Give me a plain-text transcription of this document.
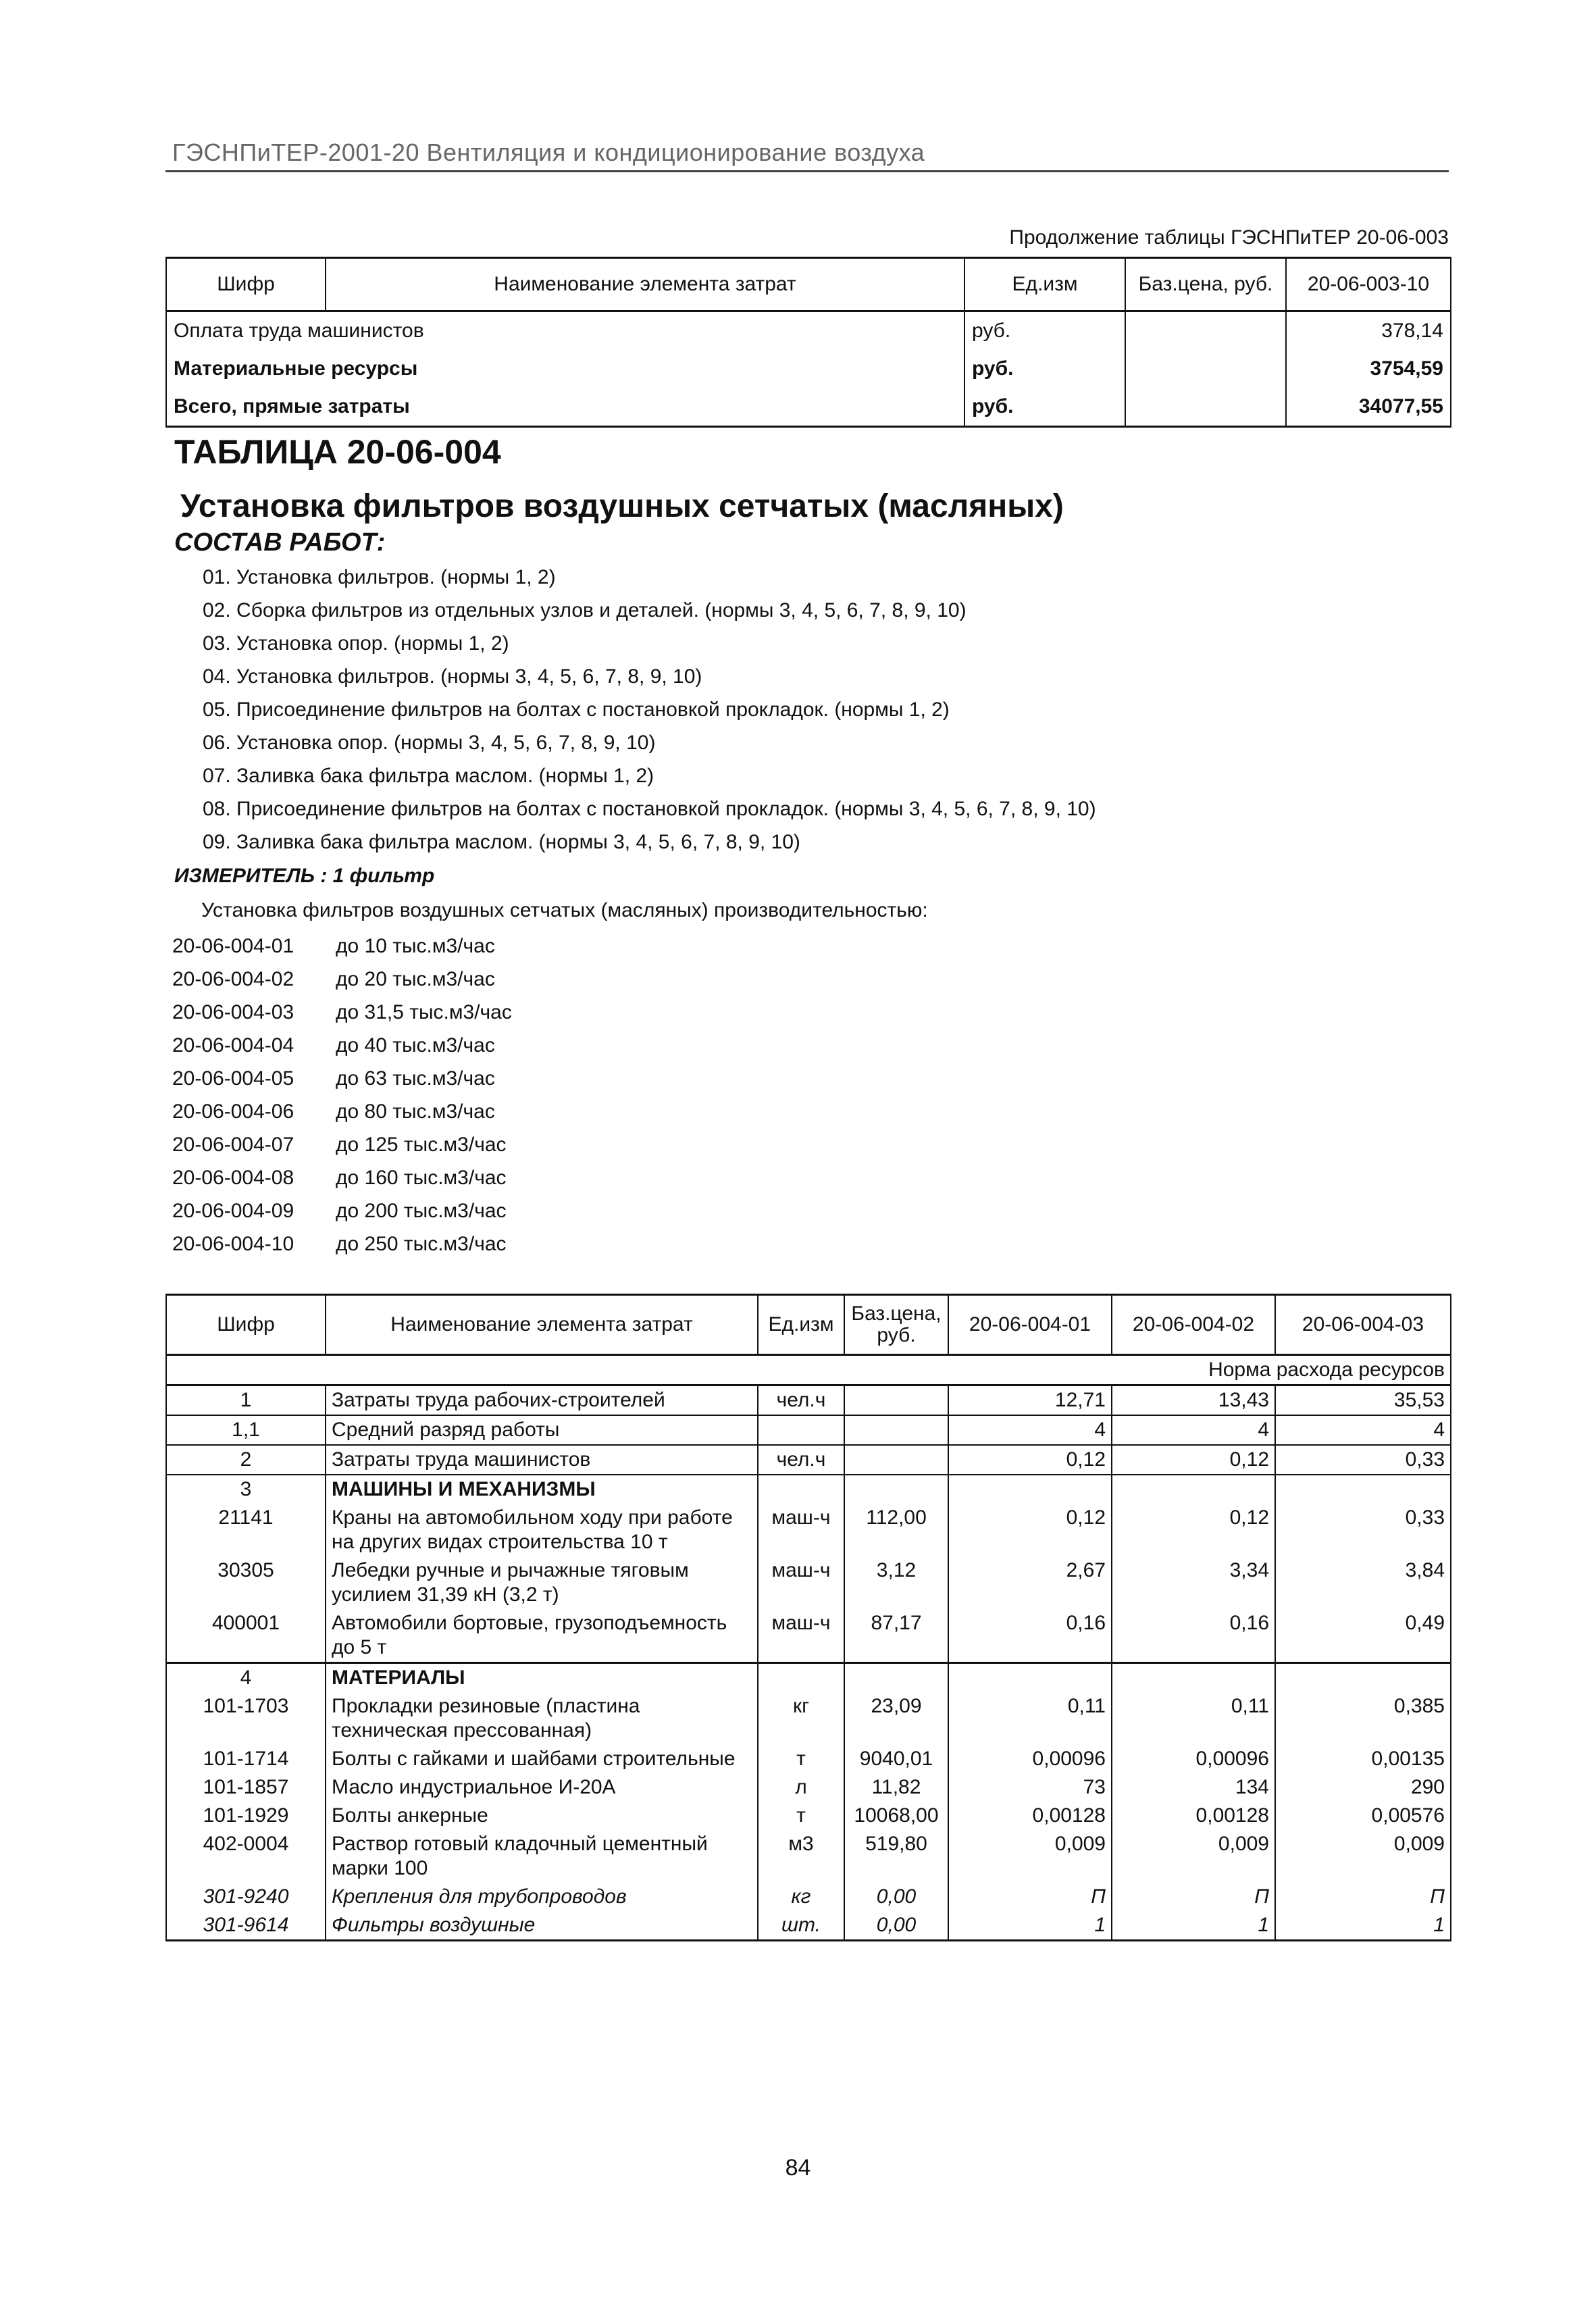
ГЭСНПиТЕР-2001-20 Вентиляция и кондиционирование воздуха
Продолжение таблицы ГЭСНПиТЕР 20-06-003
Шифр	Наименование элемента затрат	Ед.изм	Баз.цена, руб.	20-06-003-10
Оплата труда машинистов		руб.		378,14
Материальные ресурсы		руб.		3754,59
Всего, прямые затраты		руб.		34077,55
ТАБЛИЦА 20-06-004
Установка фильтров воздушных сетчатых (масляных)
СОСТАВ РАБОТ:
01. Установка фильтров. (нормы 1, 2)
02. Сборка фильтров из отдельных узлов и деталей. (нормы 3, 4, 5, 6, 7, 8, 9, 10)
03. Установка опор. (нормы 1, 2)
04. Установка фильтров. (нормы 3, 4, 5, 6, 7, 8, 9, 10)
05. Присоединение фильтров на болтах с постановкой прокладок. (нормы 1, 2)
06. Установка опор. (нормы 3, 4, 5, 6, 7, 8, 9, 10)
07. Заливка бака фильтра маслом. (нормы 1, 2)
08. Присоединение фильтров на болтах с постановкой прокладок. (нормы 3, 4, 5, 6, 7, 8, 9, 10)
09. Заливка бака фильтра маслом. (нормы 3, 4, 5, 6, 7, 8, 9, 10)
ИЗМЕРИТЕЛЬ : 1 фильтр
Установка фильтров воздушных сетчатых (масляных) производительностью:
20-06-004-01 до 10 тыс.м3/час
20-06-004-02 до 20 тыс.м3/час
20-06-004-03 до 31,5 тыс.м3/час
20-06-004-04 до 40 тыс.м3/час
20-06-004-05 до 63 тыс.м3/час
20-06-004-06 до 80 тыс.м3/час
20-06-004-07 до 125 тыс.м3/час
20-06-004-08 до 160 тыс.м3/час
20-06-004-09 до 200 тыс.м3/час
20-06-004-10 до 250 тыс.м3/час
Шифр	Наименование элемента затрат	Ед.изм	Баз.цена, руб.	20-06-004-01	20-06-004-02	20-06-004-03
Норма расхода ресурсов						
1	Затраты труда рабочих-строителей	чел.ч		12,71	13,43	35,53
1,1	Средний разряд работы			4	4	4
2	Затраты труда машинистов	чел.ч		0,12	0,12	0,33
3	МАШИНЫ И МЕХАНИЗМЫ					
21141	Краны на автомобильном ходу при работе на других видах строительства 10 т	маш-ч	112,00	0,12	0,12	0,33
30305	Лебедки ручные и рычажные тяговым усилием 31,39 кН (3,2 т)	маш-ч	3,12	2,67	3,34	3,84
400001	Автомобили бортовые, грузоподъемность до 5 т	маш-ч	87,17	0,16	0,16	0,49
4	МАТЕРИАЛЫ					
101-1703	Прокладки резиновые (пластина техническая прессованная)	кг	23,09	0,11	0,11	0,385
101-1714	Болты с гайками и шайбами строительные	т	9040,01	0,00096	0,00096	0,00135
101-1857	Масло индустриальное И-20А	л	11,82	73	134	290
101-1929	Болты анкерные	т	10068,00	0,00128	0,00128	0,00576
402-0004	Раствор готовый кладочный цементный марки 100	м3	519,80	0,009	0,009	0,009
301-9240	Крепления для трубопроводов	кг	0,00	П	П	П
301-9614	Фильтры воздушные	шт.	0,00	1	1	1
84
